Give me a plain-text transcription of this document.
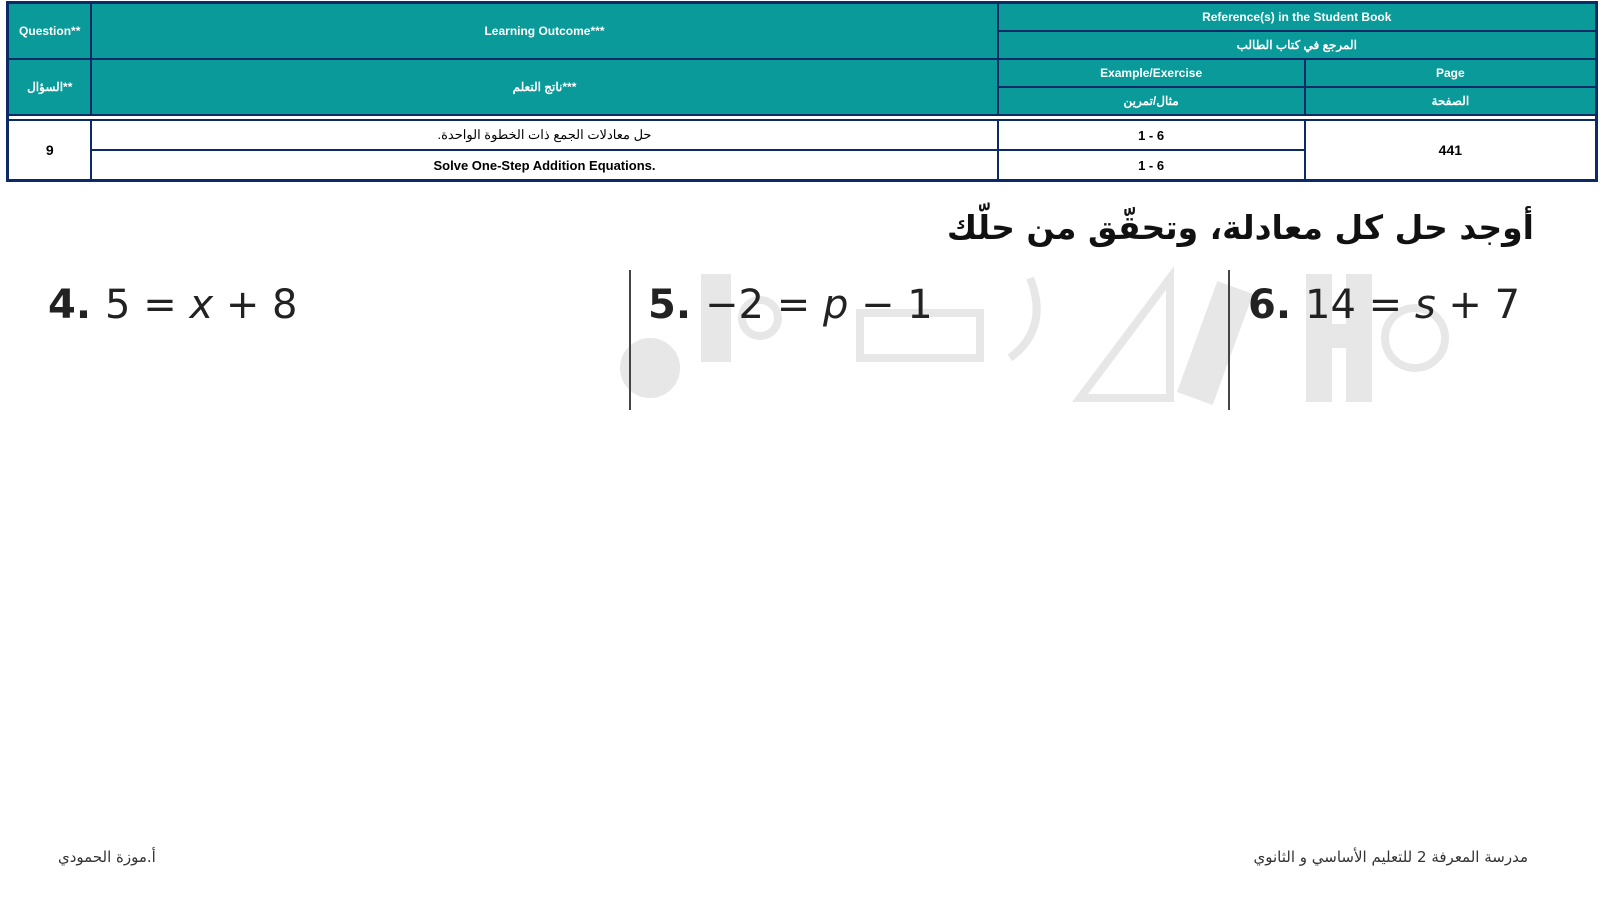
Question**	Learning Outcome***	Reference(s) in the Student Book	
		المرجع في كتاب الطالب	
السؤال**	ناتج التعلم***	Example/Exercise	Page
		مثال/تمرين	الصفحة

9	حل معادلات الجمع ذات الخطوة الواحدة.	1 - 6	441
	Solve One-Step Addition Equations.	1 - 6	
أوجد حل كل معادلة، وتحقّق من حلّك
4. 5 = x + 8	5. −2 = p − 1	6. 14 = s + 7
أ.موزة الحمودي	مدرسة المعرفة 2 للتعليم الأساسي و الثانوي
